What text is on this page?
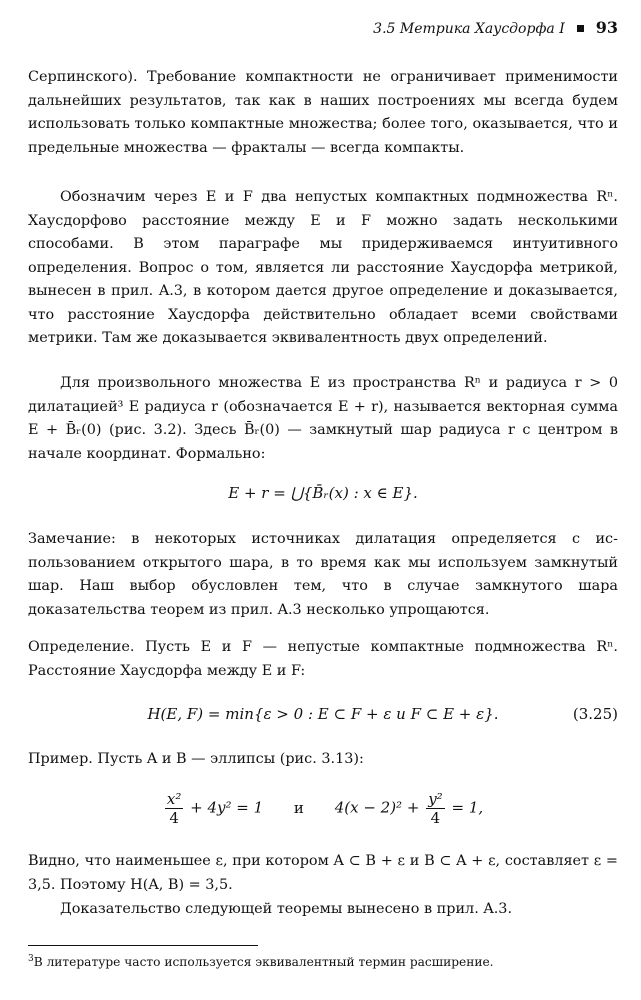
3.5 Метрика Хаусдорфа I 93
Серпинского). Требование компактности не ограничивает применимости дальнейших результатов, так как в наших построениях мы всегда будем использовать только компактные множества; более того, оказывается, что и предельные множества — фракталы — всегда компакты.
Обозначим через E и F два непустых компактных подмножества Rⁿ. Хаусдорфово расстояние между E и F можно задать несколькими способами. В этом параграфе мы придерживаемся интуитивного определения. Вопрос о том, является ли расстояние Хаусдорфа метрикой, вынесен в прил. A.3, в котором дается другое определение и доказывается, что расстояние Хаусдорфа действительно обладает всеми свойствами метрики. Там же доказывается эквивалентность двух определений.
Для произвольного множества E из пространства Rⁿ и радиуса r > 0 дилатацией³ E радиуса r (обозначается E + r), называется векторная сумма E + B̄ᵣ(0) (рис. 3.2). Здесь B̄ᵣ(0) — замкнутый шар радиуса r с центром в начале координат. Формально:
E + r = ⋃{B̄ᵣ(x) : x ∈ E}.
Замечание: в некоторых источниках дилатация определяется с использованием открытого шара, в то время как мы используем замкнутый шар. Наш выбор обусловлен тем, что в случае замкнутого шара доказательства теорем из прил. A.3 несколько упрощаются.
Определение. Пусть E и F — непустые компактные подмножества Rⁿ. Расстояние Хаусдорфа между E и F:
H(E, F) = min{ε > 0 : E ⊂ F + ε и F ⊂ E + ε}.	(3.25)
Пример. Пусть A и B — эллипсы (рис. 3.13):
$\frac{\text{x²}}{4} + 4y^2 = 1$ и $4(x - 2)^2 + \frac{\text{y²}}{4} = 1$,
Видно, что наименьшее ε, при котором A ⊂ B + ε и B ⊂ A + ε, составляет ε = 3,5. Поэтому H(A, B) = 3,5.
Доказательство следующей теоремы вынесено в прил. A.3.
$^3$В литературе часто используется эквивалентный термин расширение.
